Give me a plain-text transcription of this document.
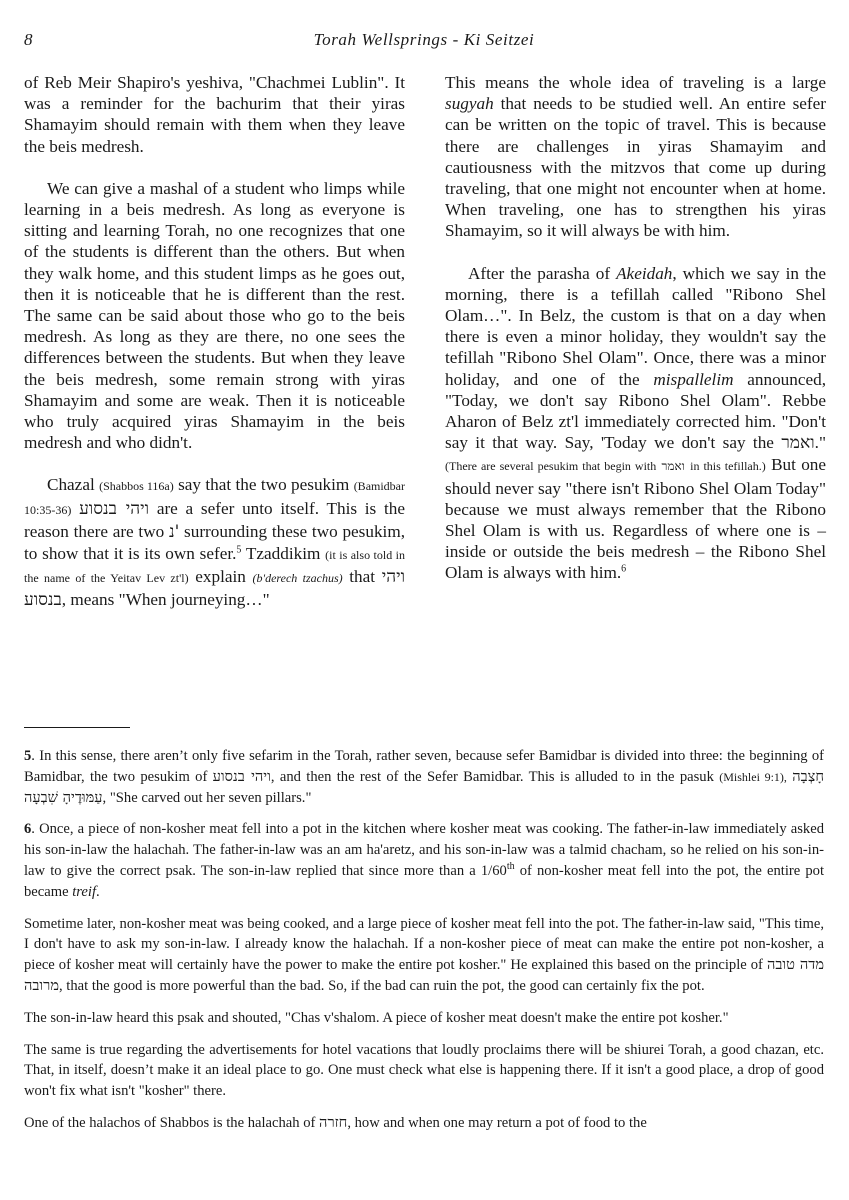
8	Torah Wellsprings - Ki Seitzei

of Reb Meir Shapiro's yeshiva, "Chachmei Lublin". It was a reminder for the bachurim that their yiras Shamayim should remain with them when they leave the beis medresh.

We can give a mashal of a student who limps while learning in a beis medresh. As long as everyone is sitting and learning Torah, no one recognizes that one of the students is different than the others. But when they walk home, and this student limps as he goes out, then it is noticeable that he is different than the rest. The same can be said about those who go to the beis medresh. As long as they are there, no one sees the differences between the students. But when they leave the beis medresh, some remain strong with yiras Shamayim and some are weak. Then it is noticeable who truly acquired yiras Shamayim in the beis medresh and who didn't.

Chazal (Shabbos 116a) say that the two pesukim (Bamidbar 10:35-36) ויהי בנסוע are a sefer unto itself. This is the reason there are two נ' surrounding these two pesukim, to show that it is its own sefer.$^5$ Tzaddikim (it is also told in the name of the Yeitav Lev zt'l) explain (b'derech tzachus) that ויהי בנסוע, means "When journeying…"

This means the whole idea of traveling is a large sugyah that needs to be studied well. An entire sefer can be written on the topic of travel. This is because there are challenges in yiras Shamayim and cautiousness with the mitzvos that come up during traveling, that one might not encounter when at home. When traveling, one has to strengthen his yiras Shamayim, so it will always be with him.

After the parasha of Akeidah, which we say in the morning, there is a tefillah called "Ribono Shel Olam…". In Belz, the custom is that on a day when there is even a minor holiday, they wouldn't say the tefillah "Ribono Shel Olam". Once, there was a minor holiday, and one of the mispallelim announced, "Today, we don't say Ribono Shel Olam". Rebbe Aharon of Belz zt'l immediately corrected him. "Don't say it that way. Say, 'Today we don't say the ואמר." (There are several pesukim that begin with ואמר in this tefillah.) But one should never say "there isn't Ribono Shel Olam Today" because we must always remember that the Ribono Shel Olam is with us. Regardless of where one is – inside or outside the beis medresh – the Ribono Shel Olam is always with him.$^6$

5. In this sense, there aren’t only five sefarim in the Torah, rather seven, because sefer Bamidbar is divided into three: the beginning of Bamidbar, the two pesukim of ויהי בנסוע, and then the rest of the Sefer Bamidbar. This is alluded to in the pasuk (Mishlei 9:1), חָצְבָה עַמּוּדֶיהָ שִׁבְעָה, "She carved out her seven pillars."

6. Once, a piece of non-kosher meat fell into a pot in the kitchen where kosher meat was cooking. The father-in-law immediately asked his son-in-law the halachah. The father-in-law was an am ha'aretz, and his son-in-law was a talmid chacham, so he relied on his son-in-law to give the correct psak. The son-in-law replied that since more than a 1/60th of non-kosher meat fell into the pot, the entire pot became treif.

Sometime later, non-kosher meat was being cooked, and a large piece of kosher meat fell into the pot. The father-in-law said, "This time, I don't have to ask my son-in-law. I already know the halachah. If a non-kosher piece of meat can make the entire pot non-kosher, a piece of kosher meat will certainly have the power to make the entire pot kosher." He explained this based on the principle of מדה טובה מרובה, that the good is more powerful than the bad. So, if the bad can ruin the pot, the good can certainly fix the pot.

The son-in-law heard this psak and shouted, "Chas v'shalom. A piece of kosher meat doesn't make the entire pot kosher."

The same is true regarding the advertisements for hotel vacations that loudly proclaims there will be shiurei Torah, a good chazan, etc. That, in itself, doesn’t make it an ideal place to go. One must check what else is happening there. If it isn't a good place, a drop of good won't fix what isn't "kosher" there.

One of the halachos of Shabbos is the halachah of חזרה, how and when one may return a pot of food to the
